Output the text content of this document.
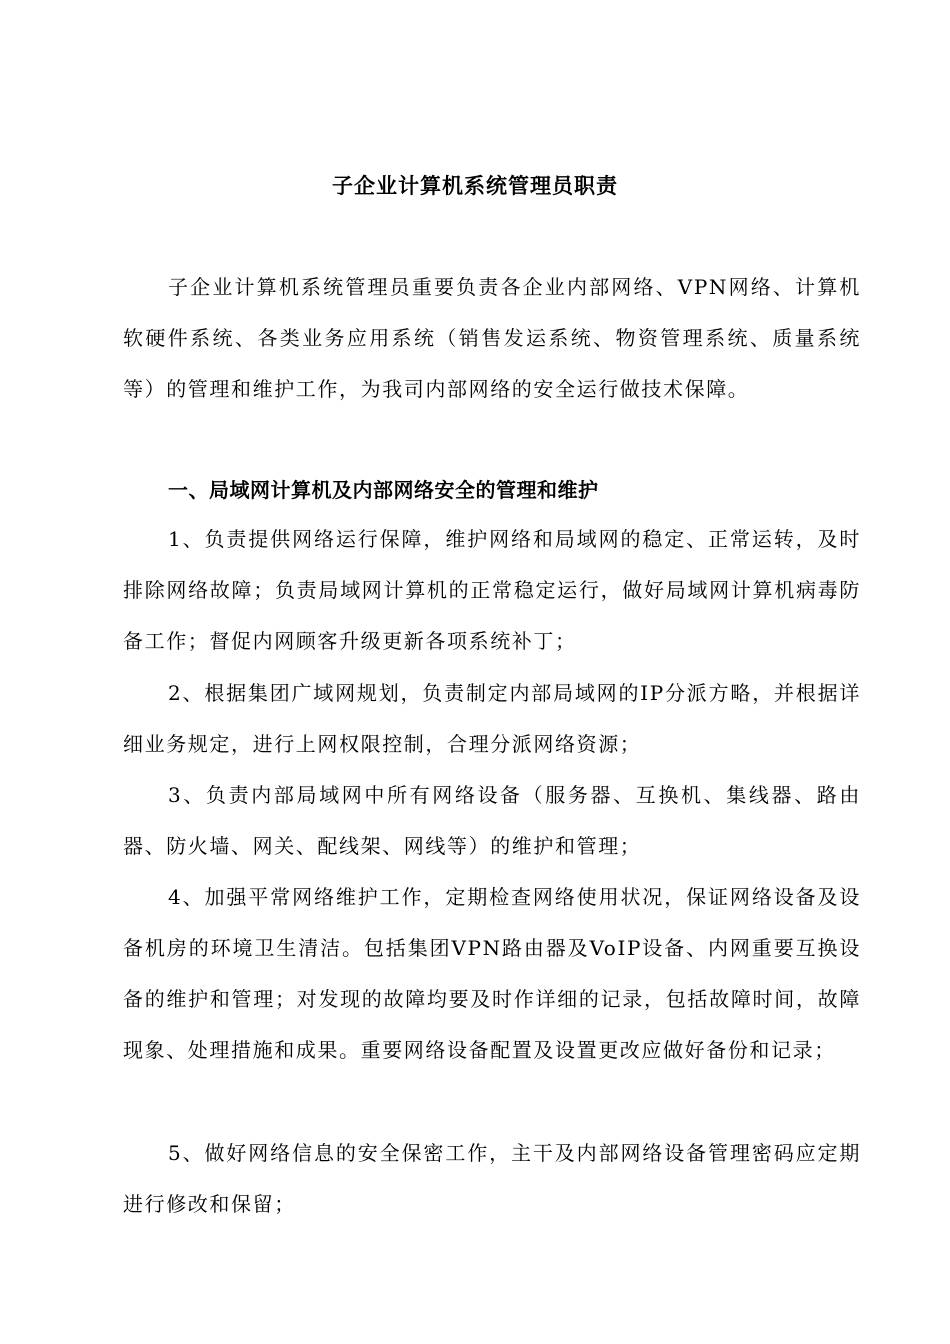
子企业计算机系统管理员职责

子企业计算机系统管理员重要负责各企业内部网络、VPN网络、计算机软硬件系统、各类业务应用系统（销售发运系统、物资管理系统、质量系统等）的管理和维护工作，为我司内部网络的安全运行做技术保障。

一、局域网计算机及内部网络安全的管理和维护

1、负责提供网络运行保障，维护网络和局域网的稳定、正常运转，及时排除网络故障；负责局域网计算机的正常稳定运行，做好局域网计算机病毒防备工作；督促内网顾客升级更新各项系统补丁；

2、根据集团广域网规划，负责制定内部局域网的IP分派方略，并根据详细业务规定，进行上网权限控制，合理分派网络资源；

3、负责内部局域网中所有网络设备（服务器、互换机、集线器、路由器、防火墙、网关、配线架、网线等）的维护和管理；

4、加强平常网络维护工作，定期检查网络使用状况，保证网络设备及设备机房的环境卫生清洁。包括集团VPN路由器及VoIP设备、内网重要互换设备的维护和管理；对发现的故障均要及时作详细的记录，包括故障时间，故障现象、处理措施和成果。重要网络设备配置及设置更改应做好备份和记录；

5、做好网络信息的安全保密工作，主干及内部网络设备管理密码应定期进行修改和保留；
